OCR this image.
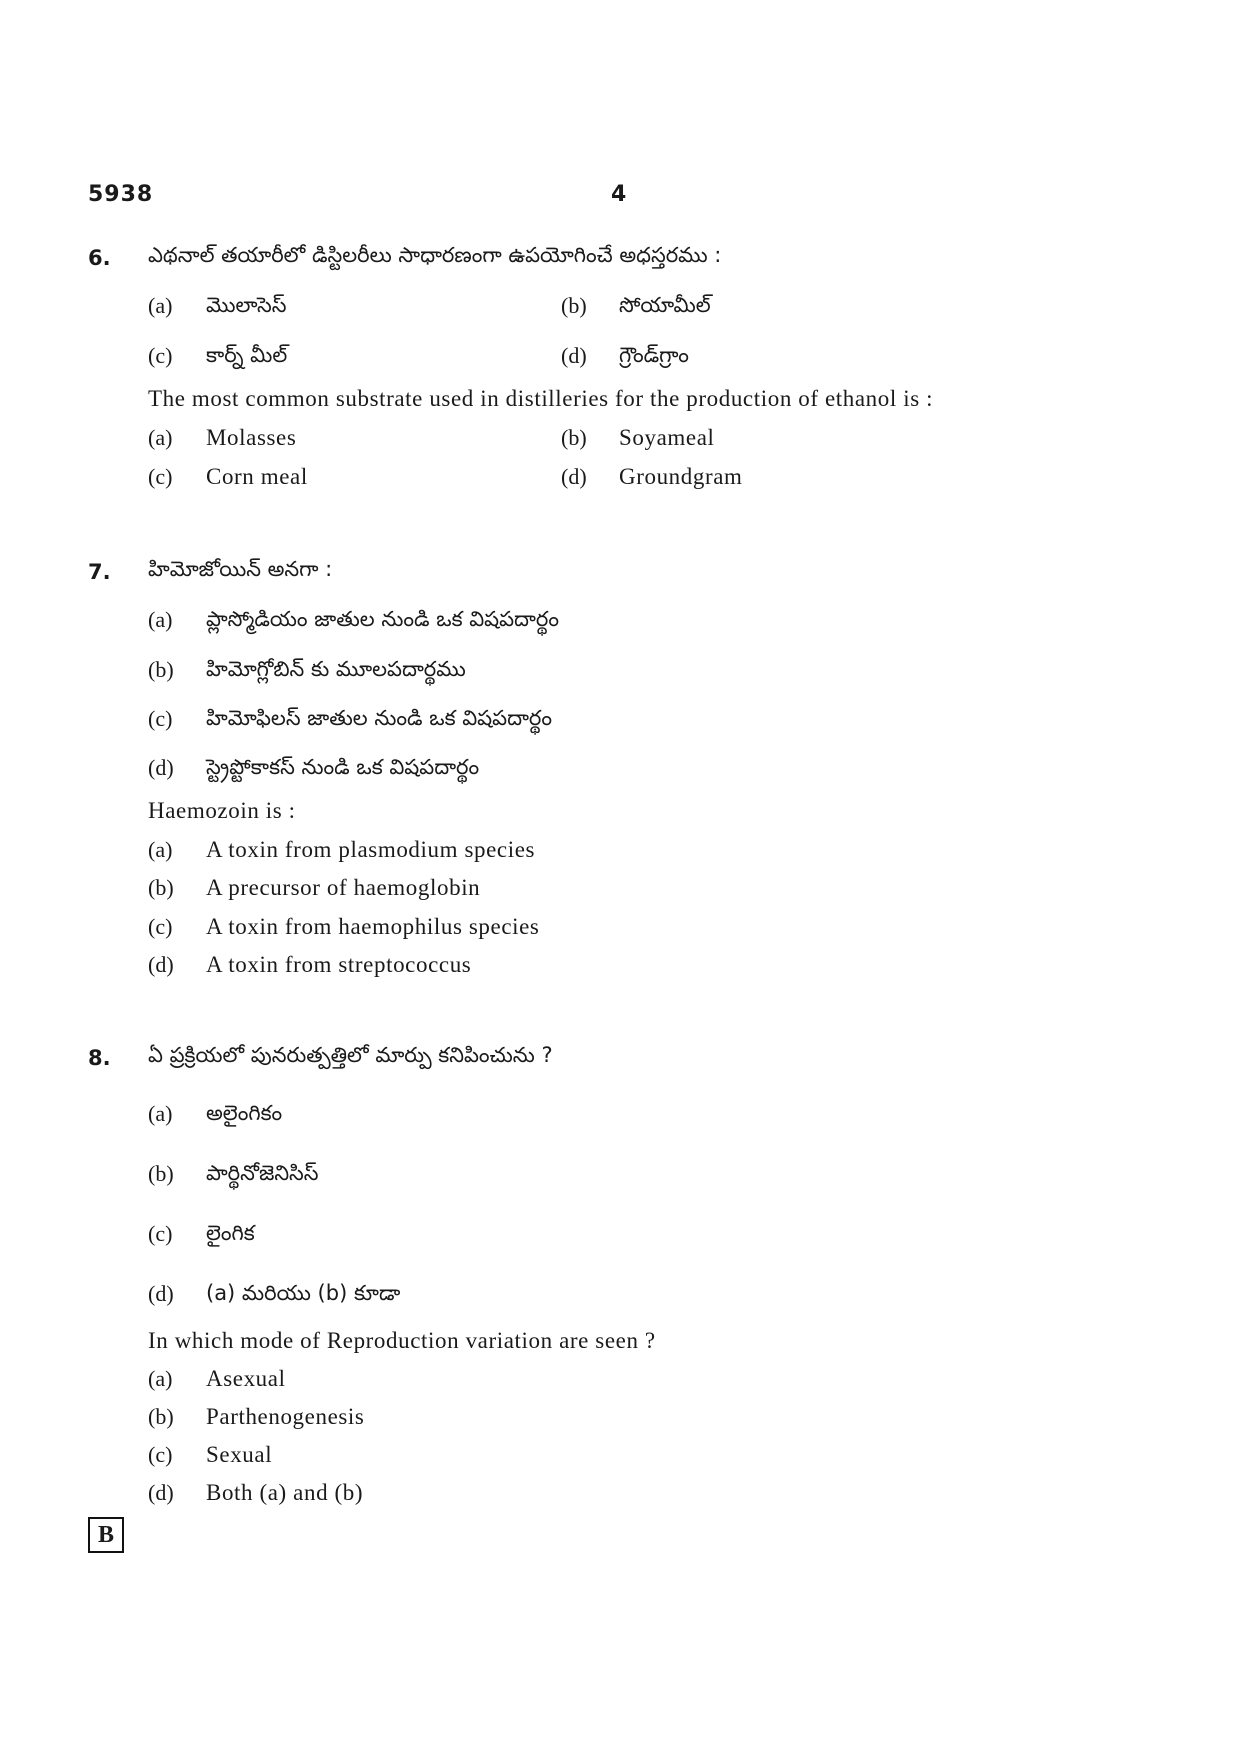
5938	4
6. ఎథనాల్ తయారీలో డిస్టిలరీలు సాధారణంగా ఉపయోగించే అధస్తరము :
(a) మొలాసెస్	(b) సోయామీల్
(c) కార్న్ మీల్	(d) గ్రౌండ్‌గ్రాం
The most common substrate used in distilleries for the production of ethanol is :
(a) Molasses	(b) Soyameal
(c) Corn meal	(d) Groundgram
7. హిమోజోయిన్ అనగా :
(a) ప్లాస్మోడియం జాతుల నుండి ఒక విషపదార్థం
(b) హిమోగ్లోబిన్ కు మూలపదార్థము
(c) హిమోఫిలస్ జాతుల నుండి ఒక విషపదార్థం
(d) స్ట్రెప్టోకాకస్ నుండి ఒక విషపదార్థం
Haemozoin is :
(a) A toxin from plasmodium species
(b) A precursor of haemoglobin
(c) A toxin from haemophilus species
(d) A toxin from streptococcus
8. ఏ ప్రక్రియలో పునరుత్పత్తిలో మార్పు కనిపించును ?
(a) అలైంగికం
(b) పార్థినోజెనిసిస్
(c) లైంగిక
(d) (a) మరియు (b) కూడా
In which mode of Reproduction variation are seen ?
(a) Asexual
(b) Parthenogenesis
(c) Sexual
(d) Both (a) and (b)
B
